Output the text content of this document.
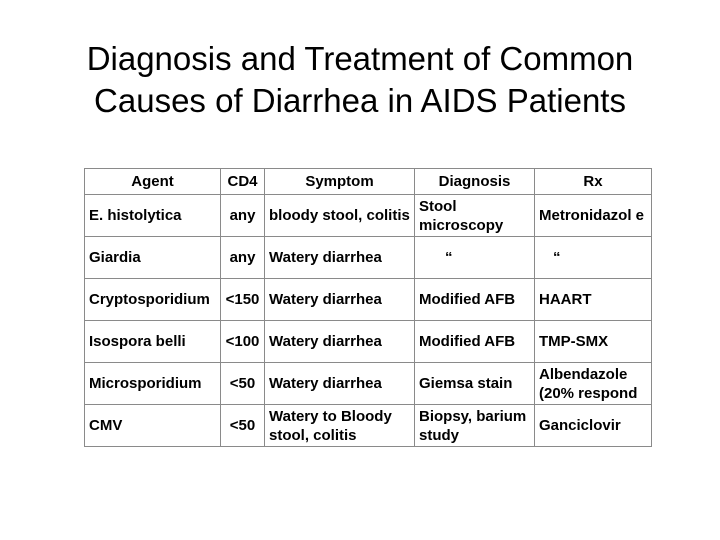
Diagnosis and Treatment of Common
Causes of Diarrhea in AIDS Patients
Agent	CD4	Symptom	Diagnosis	Rx
E. histolytica	any	bloody stool, colitis	Stool microscopy	Metronidazol e
Giardia	any	Watery diarrhea	“	“
Cryptosporidium	<150	Watery diarrhea	Modified AFB	HAART
Isospora belli	<100	Watery diarrhea	Modified AFB	TMP-SMX
Microsporidium	<50	Watery diarrhea	Giemsa stain	Albendazole (20% respond
CMV	<50	Watery to Bloody stool, colitis	Biopsy, barium study	Ganciclovir
